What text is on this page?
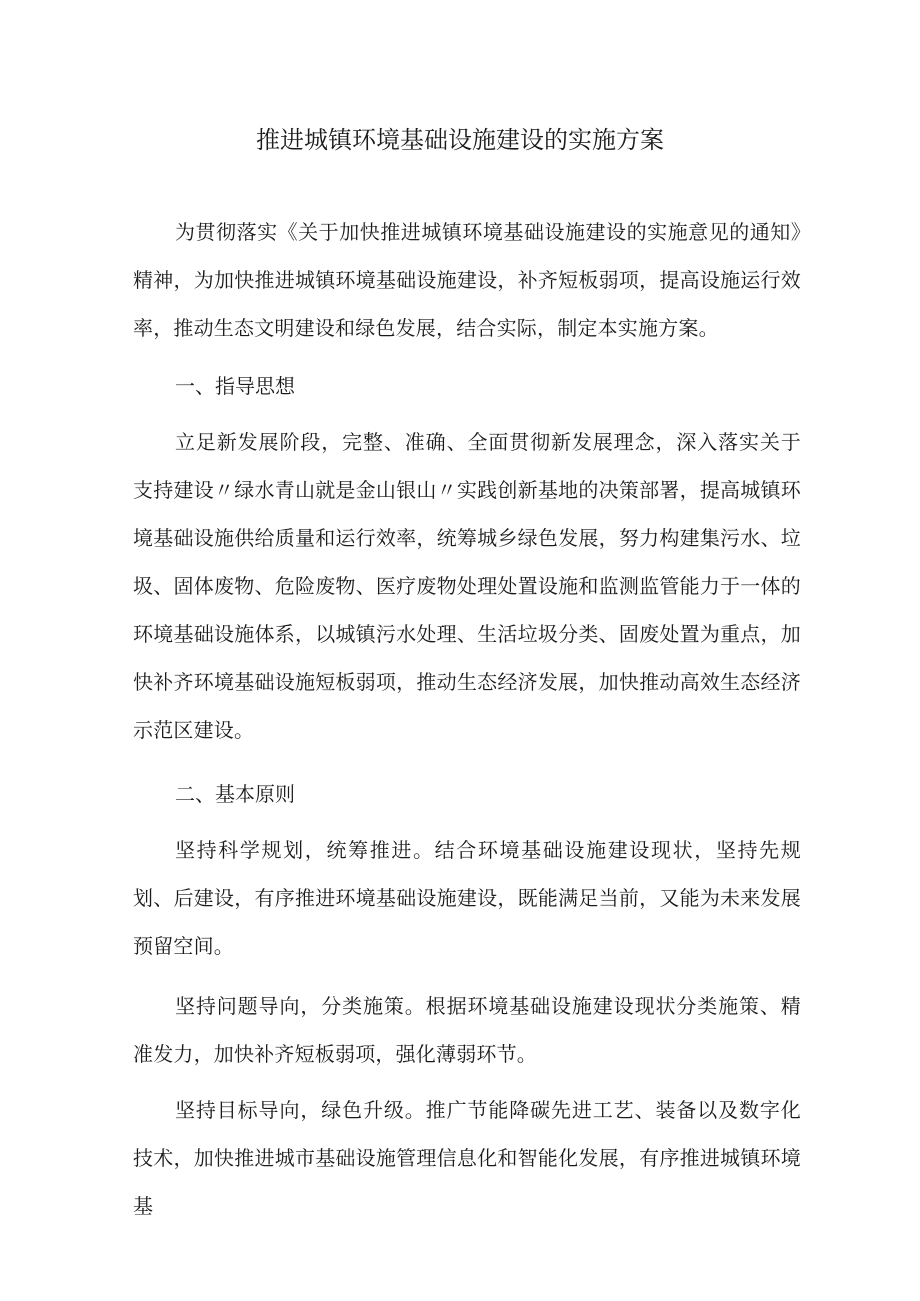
推进城镇环境基础设施建设的实施方案

为贯彻落实《关于加快推进城镇环境基础设施建设的实施意见的通知》精神，为加快推进城镇环境基础设施建设，补齐短板弱项，提高设施运行效率，推动生态文明建设和绿色发展，结合实际，制定本实施方案。

一、指导思想

立足新发展阶段，完整、准确、全面贯彻新发展理念，深入落实关于支持建设〃绿水青山就是金山银山〃实践创新基地的决策部署，提高城镇环境基础设施供给质量和运行效率，统筹城乡绿色发展，努力构建集污水、垃圾、固体废物、危险废物、医疗废物处理处置设施和监测监管能力于一体的环境基础设施体系，以城镇污水处理、生活垃圾分类、固废处置为重点，加快补齐环境基础设施短板弱项，推动生态经济发展，加快推动高效生态经济示范区建设。

二、基本原则

坚持科学规划，统筹推进。结合环境基础设施建设现状，坚持先规划、后建设，有序推进环境基础设施建设，既能满足当前，又能为未来发展预留空间。

坚持问题导向，分类施策。根据环境基础设施建设现状分类施策、精准发力，加快补齐短板弱项，强化薄弱环节。

坚持目标导向，绿色升级。推广节能降碳先进工艺、装备以及数字化技术，加快推进城市基础设施管理信息化和智能化发展，有序推进城镇环境基
